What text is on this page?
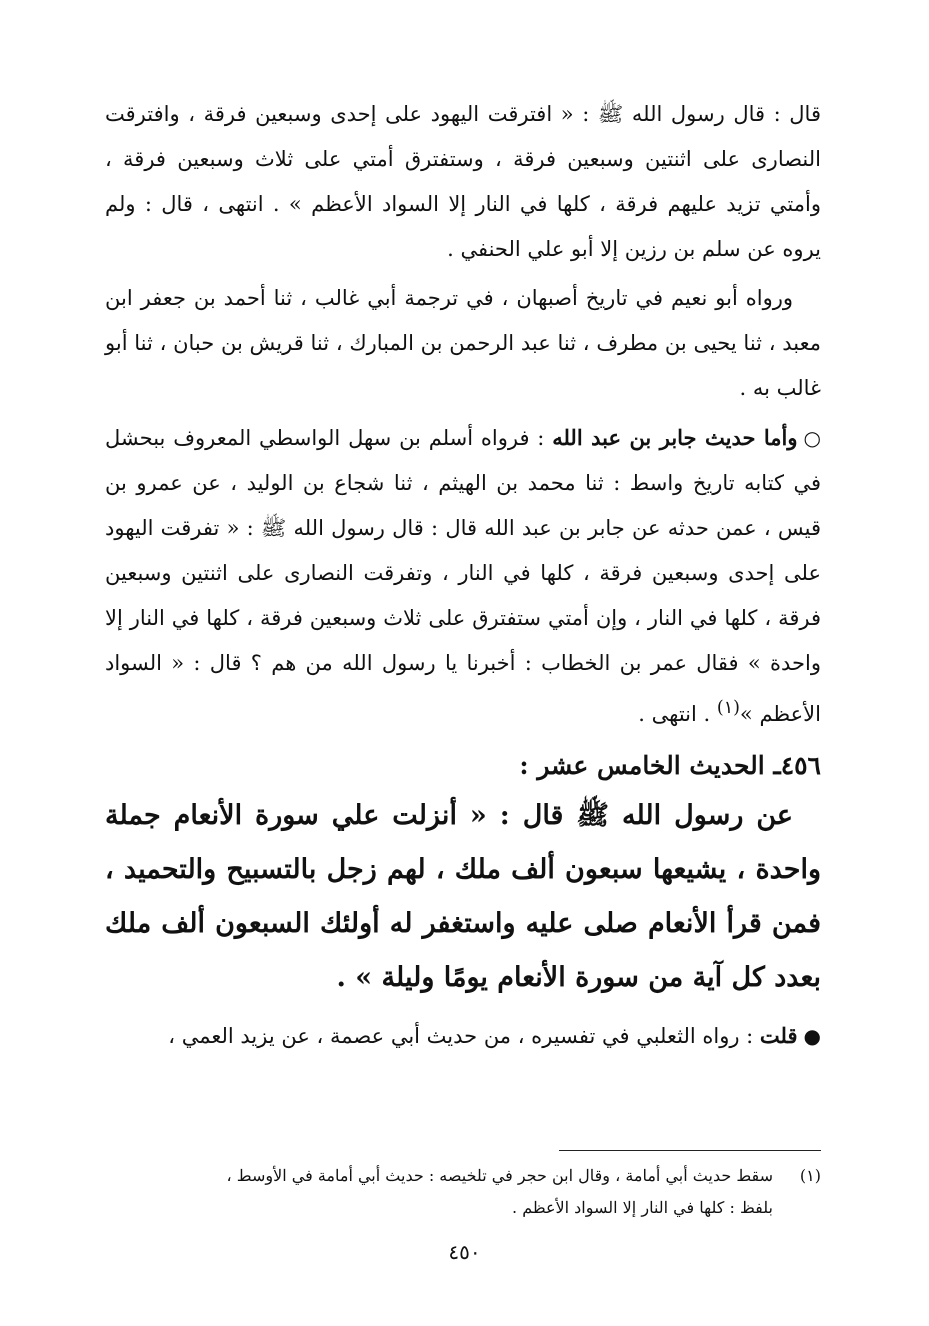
قال : قال رسول الله ﷺ : « افترقت اليهود على إحدى وسبعين فرقة ، وافترقت النصارى على اثنتين وسبعين فرقة ، وستفترق أمتي على ثلاث وسبعين فرقة ، وأمتي تزيد عليهم فرقة ، كلها في النار إلا السواد الأعظم » . انتهى ، قال : ولم يروه عن سلم بن رزين إلا أبو علي الحنفي .

ورواه أبو نعيم في تاريخ أصبهان ، في ترجمة أبي غالب ، ثنا أحمد بن جعفر ابن معبد ، ثنا يحيى بن مطرف ، ثنا عبد الرحمن بن المبارك ، ثنا قريش بن حبان ، ثنا أبو غالب به .

○وأما حديث جابر بن عبد الله : فرواه أسلم بن سهل الواسطي المعروف ببحشل في كتابه تاريخ واسط : ثنا محمد بن الهيثم ، ثنا شجاع بن الوليد ، عن عمرو بن قيس ، عمن حدثه عن جابر بن عبد الله قال : قال رسول الله ﷺ : « تفرقت اليهود على إحدى وسبعين فرقة ، كلها في النار ، وتفرقت النصارى على اثنتين وسبعين فرقة ، كلها في النار ، وإن أمتي ستفترق على ثلاث وسبعين فرقة ، كلها في النار إلا واحدة » فقال عمر بن الخطاب : أخبرنا يا رسول الله من هم ؟ قال : « السواد الأعظم »$^{(١)}$ . انتهى .

٤٥٦ـ الحديث الخامس عشر :

عن رسول الله ﷺ قال : « أنزلت علي سورة الأنعام جملة واحدة ، يشيعها سبعون ألف ملك ، لهم زجل بالتسبيح والتحميد ، فمن قرأ الأنعام صلى عليه واستغفر له أولئك السبعون ألف ملك بعدد كل آية من سورة الأنعام يومًا وليلة » .

●قلت : رواه الثعلبي في تفسيره ، من حديث أبي عصمة ، عن يزيد العمي ،

(١)سقط حديث أبي أمامة ، وقال ابن حجر في تلخيصه : حديث أبي أمامة في الأوسط ،

بلفظ : كلها في النار إلا السواد الأعظم .

٤٥٠
